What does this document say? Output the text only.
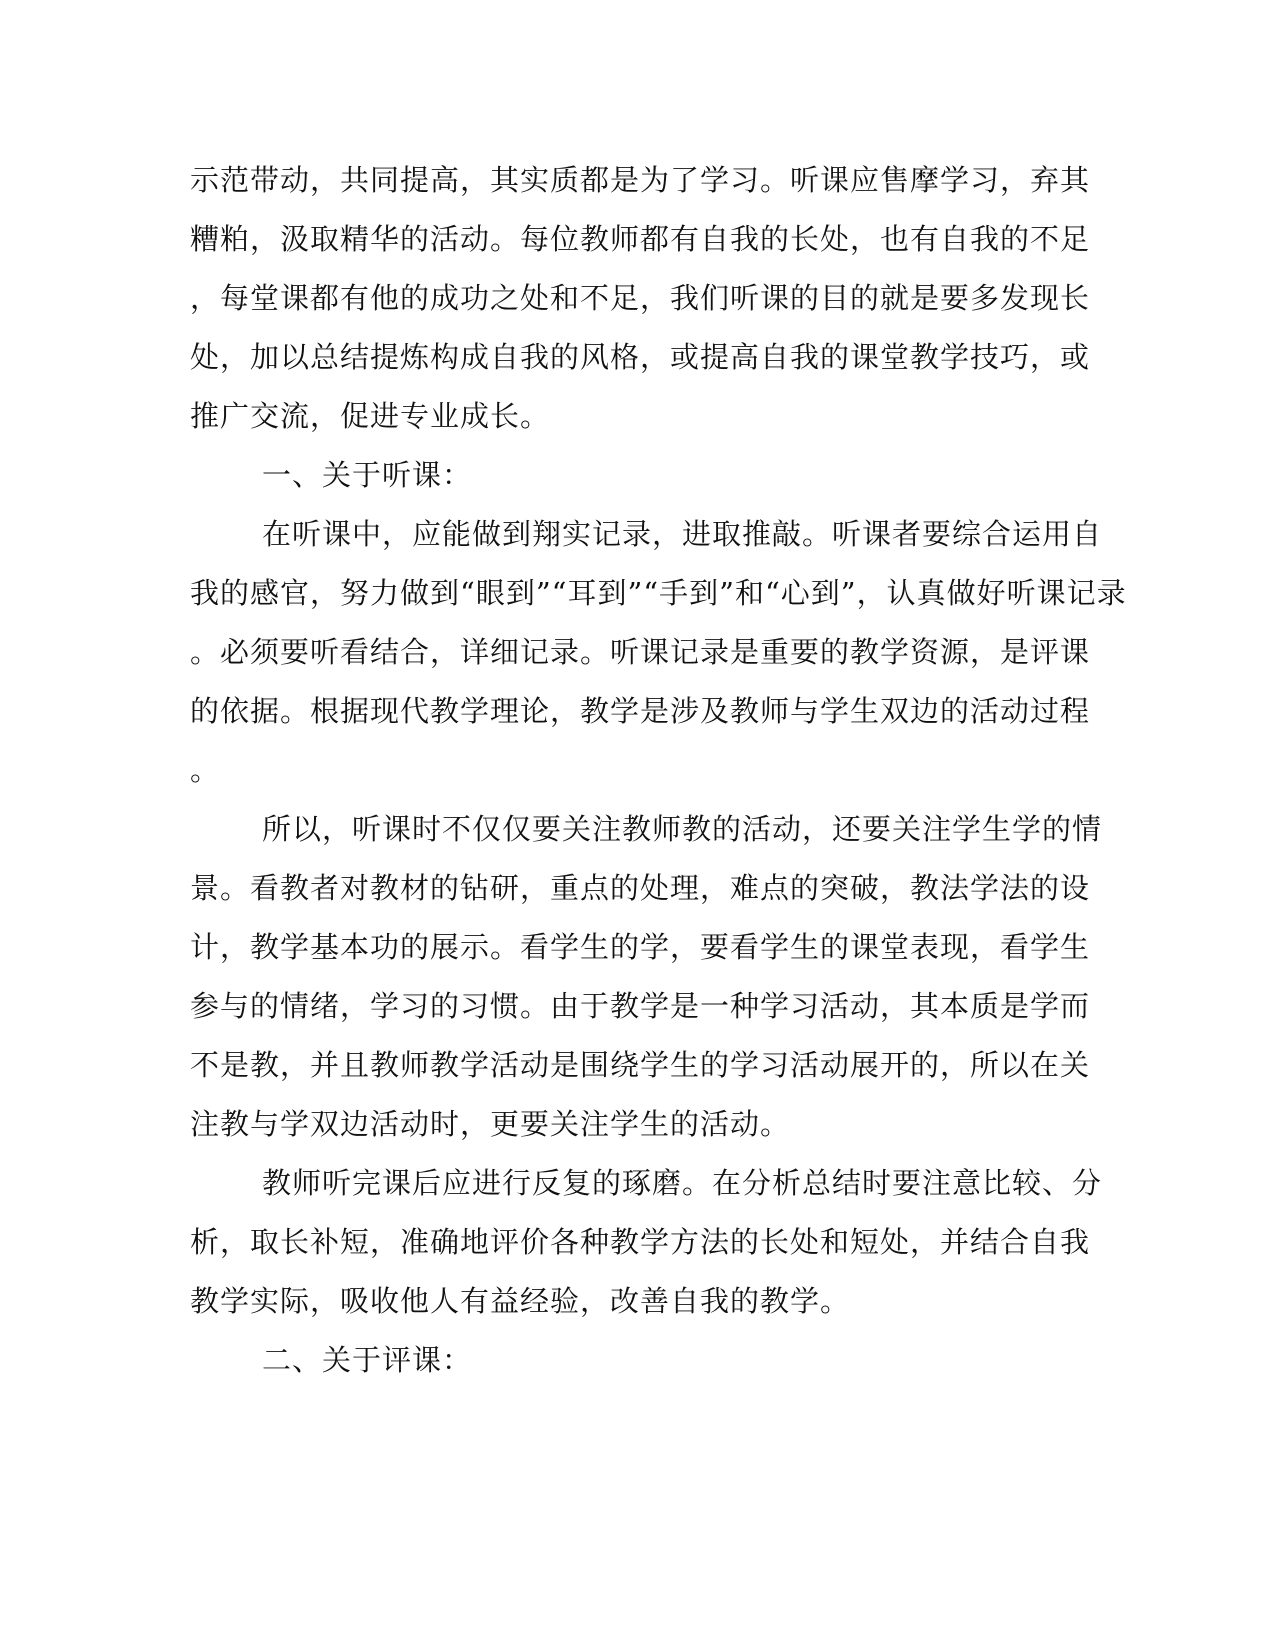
示范带动，共同提高，其实质都是为了学习。听课应售摩学习，弃其
糟粕，汲取精华的活动。每位教师都有自我的长处，也有自我的不足
，每堂课都有他的成功之处和不足，我们听课的目的就是要多发现长
处，加以总结提炼构成自我的风格，或提高自我的课堂教学技巧，或
推广交流，促进专业成长。
一、关于听课：
在听课中，应能做到翔实记录，进取推敲。听课者要综合运用自
我的感官，努力做到“眼到”“耳到”“手到”和“心到”，认真做好听课记录
。必须要听看结合，详细记录。听课记录是重要的教学资源，是评课
的依据。根据现代教学理论，教学是涉及教师与学生双边的活动过程
。
所以，听课时不仅仅要关注教师教的活动，还要关注学生学的情
景。看教者对教材的钻研，重点的处理，难点的突破，教法学法的设
计，教学基本功的展示。看学生的学，要看学生的课堂表现，看学生
参与的情绪，学习的习惯。由于教学是一种学习活动，其本质是学而
不是教，并且教师教学活动是围绕学生的学习活动展开的，所以在关
注教与学双边活动时，更要关注学生的活动。
教师听完课后应进行反复的琢磨。在分析总结时要注意比较、分
析，取长补短，准确地评价各种教学方法的长处和短处，并结合自我
教学实际，吸收他人有益经验，改善自我的教学。
二、关于评课：
